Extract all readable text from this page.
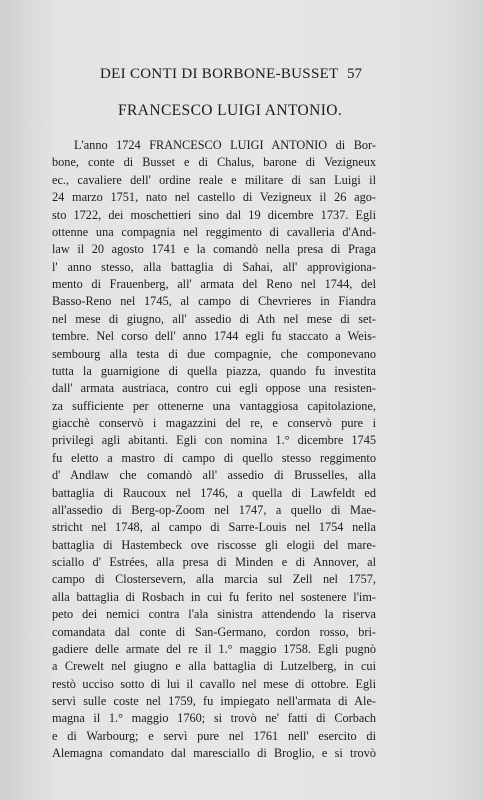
DEI CONTI DI BORBONE-BUSSET 57
FRANCESCO LUIGI ANTONIO.
L'anno 1724 FRANCESCO LUIGI ANTONIO di Bor-
bone, conte di Busset e di Chalus, barone di Vezigneux
ec., cavaliere dell' ordine reale e militare di san Luigi il
24 marzo 1751, nato nel castello di Vezigneux il 26 ago-
sto 1722, dei moschettieri sino dal 19 dicembre 1737. Egli
ottenne una compagnia nel reggimento di cavalleria d'And-
law il 20 agosto 1741 e la comandò nella presa di Praga
l' anno stesso, alla battaglia di Sahai, all' approvigiona-
mento di Frauenberg, all' armata del Reno nel 1744, del
Basso-Reno nel 1745, al campo di Chevrieres in Fiandra
nel mese di giugno, all' assedio di Ath nel mese di set-
tembre. Nel corso dell' anno 1744 egli fu staccato a Weis-
sembourg alla testa di due compagnie, che componevano
tutta la guarnigione di quella piazza, quando fu investita
dall' armata austriaca, contro cui egli oppose una resisten-
za sufficiente per ottenerne una vantaggiosa capitolazione,
giacchè conservò i magazzini del re, e conservò pure i
privilegi agli abitanti. Egli con nomina 1.° dicembre 1745
fu eletto a mastro di campo di quello stesso reggimento
d' Andlaw che comandò all' assedio di Brusselles, alla
battaglia di Raucoux nel 1746, a quella di Lawfeldt ed
all'assedio di Berg-op-Zoom nel 1747, a quello di Mae-
stricht nel 1748, al campo di Sarre-Louis nel 1754 nella
battaglia di Hastembeck ove riscosse gli elogii del mare-
sciallo d' Estrées, alla presa di Minden e di Annover, al
campo di Clostersevern, alla marcia sul Zell nel 1757,
alla battaglia di Rosbach in cui fu ferito nel sostenere l'im-
peto dei nemici contra l'ala sinistra attendendo la riserva
comandata dal conte di San-Germano, cordon rosso, bri-
gadiere delle armate del re il 1.° maggio 1758. Egli pugnò
a Crewelt nel giugno e alla battaglia di Lutzelberg, in cui
restò ucciso sotto di lui il cavallo nel mese di ottobre. Egli
servì sulle coste nel 1759, fu impiegato nell'armata di Ale-
magna il 1.° maggio 1760; si trovò ne' fatti di Corbach
e di Warbourg; e servì pure nel 1761 nell' esercito di
Alemagna comandato dal maresciallo di Broglio, e si trovò
